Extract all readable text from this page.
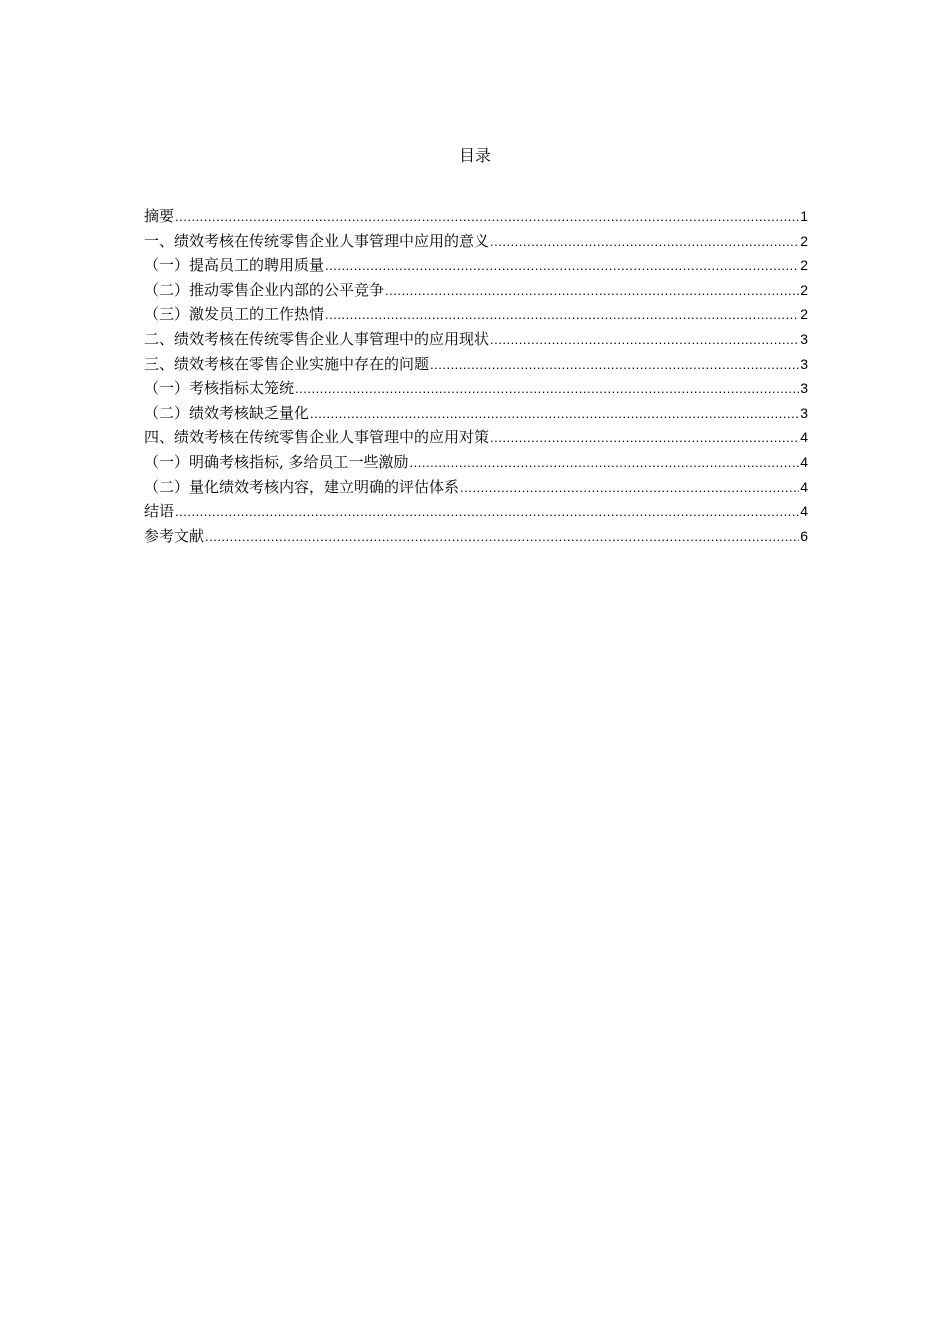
目录
摘要 .....	1
一、绩效考核在传统零售企业人事管理中应用的意义 .....	2
（一）提高员工的聘用质量 .....	2
（二）推动零售企业内部的公平竞争 .....	2
（三）激发员工的工作热情 .....	2
二、绩效考核在传统零售企业人事管理中的应用现状 .....	3
三、绩效考核在零售企业实施中存在的问题 .....	3
（一）考核指标太笼统 .....	3
（二）绩效考核缺乏量化 .....	3
四、绩效考核在传统零售企业人事管理中的应用对策 .....	4
（一）明确考核指标, 多给员工一些激励 .....	4
（二）量化绩效考核内容，建立明确的评估体系 .....	4
结语 .....	4
参考文献 .....	6
